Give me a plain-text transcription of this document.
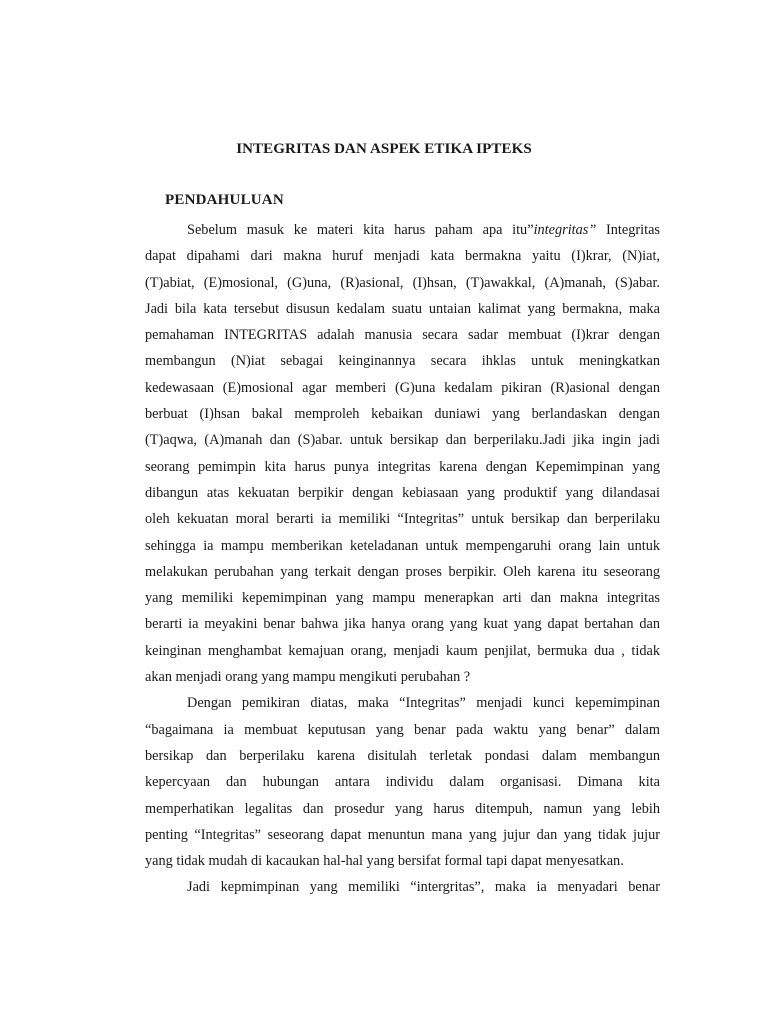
INTEGRITAS DAN ASPEK ETIKA IPTEKS
PENDAHULUAN
Sebelum masuk ke materi kita harus paham apa itu”integritas” Integritas
dapat dipahami dari makna huruf menjadi kata bermakna yaitu (I)krar, (N)iat,
(T)abiat, (E)mosional, (G)una, (R)asional, (I)hsan, (T)awakkal, (A)manah, (S)abar.
Jadi bila kata tersebut disusun kedalam suatu untaian kalimat yang bermakna, maka
pemahaman INTEGRITAS adalah manusia secara sadar membuat (I)krar dengan
membangun (N)iat sebagai keinginannya secara ihklas untuk meningkatkan
kedewasaan (E)mosional agar memberi (G)una kedalam pikiran (R)asional dengan
berbuat (I)hsan bakal memproleh kebaikan duniawi yang berlandaskan dengan
(T)aqwa, (A)manah dan (S)abar. untuk bersikap dan berperilaku.Jadi jika ingin jadi
seorang pemimpin kita harus punya integritas karena dengan Kepemimpinan yang
dibangun atas kekuatan berpikir dengan kebiasaan yang produktif yang dilandasai
oleh kekuatan moral berarti ia memiliki “Integritas” untuk bersikap dan berperilaku
sehingga ia mampu memberikan keteladanan untuk mempengaruhi orang lain untuk
melakukan perubahan yang terkait dengan proses berpikir. Oleh karena itu seseorang
yang memiliki kepemimpinan yang mampu menerapkan arti dan makna integritas
berarti ia meyakini benar bahwa jika hanya orang yang kuat yang dapat bertahan dan
keinginan menghambat kemajuan orang, menjadi kaum penjilat, bermuka dua , tidak
akan menjadi orang yang mampu mengikuti perubahan ?
Dengan pemikiran diatas, maka “Integritas” menjadi kunci kepemimpinan
“bagaimana ia membuat keputusan yang benar pada waktu yang benar” dalam
bersikap dan berperilaku karena disitulah terletak pondasi dalam membangun
kepercyaan dan hubungan antara individu dalam organisasi. Dimana kita
memperhatikan legalitas dan prosedur yang harus ditempuh, namun yang lebih
penting “Integritas” seseorang dapat menuntun mana yang jujur dan yang tidak jujur
yang tidak mudah di kacaukan hal-hal yang bersifat formal tapi dapat menyesatkan.
Jadi kepmimpinan yang memiliki “intergritas”, maka ia menyadari benar
